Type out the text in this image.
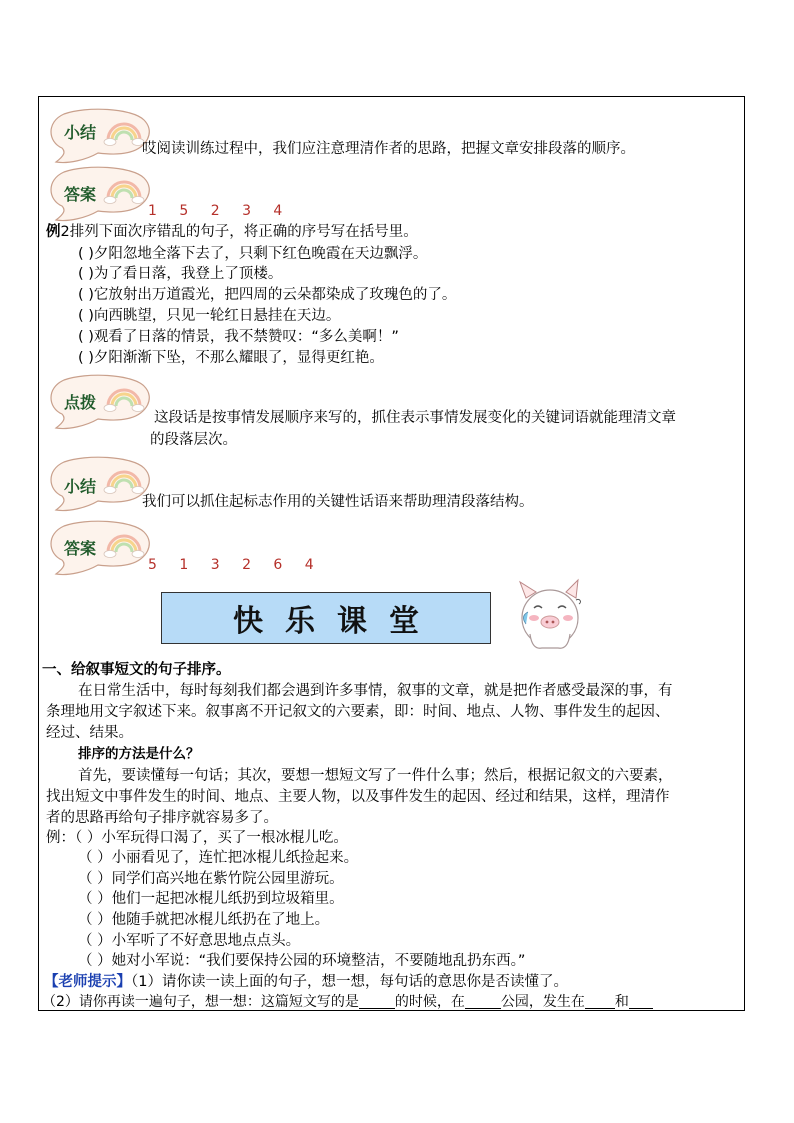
小结
哎阅读训练过程中，我们应注意理清作者的思路，把握文章安排段落的顺序。
答案
1 5 2 3 4
例2排列下面次序错乱的句子，将正确的序号写在括号里。
( )夕阳忽地全落下去了，只剩下红色晚霞在天边飘浮。
( )为了看日落，我登上了顶楼。
( )它放射出万道霞光，把四周的云朵都染成了玫瑰色的了。
( )向西眺望，只见一轮红日悬挂在天边。
( )观看了日落的情景，我不禁赞叹：“多么美啊！”
( )夕阳渐渐下坠，不那么耀眼了，显得更红艳。
点拨
这段话是按事情发展顺序来写的，抓住表示事情发展变化的关键词语就能理清文章
的段落层次。
小结
我们可以抓住起标志作用的关键性话语来帮助理清段落结构。
答案
5 1 3 2 6 4
快乐课堂
一、给叙事短文的句子排序。
在日常生活中，每时每刻我们都会遇到许多事情，叙事的文章，就是把作者感受最深的事，有
条理地用文字叙述下来。叙事离不开记叙文的六要素，即：时间、地点、人物、事件发生的起因、
经过、结果。
排序的方法是什么？
首先，要读懂每一句话；其次，要想一想短文写了一件什么事；然后，根据记叙文的六要素，
找出短文中事件发生的时间、地点、主要人物，以及事件发生的起因、经过和结果，这样，理清作
者的思路再给句子排序就容易多了。
例：（ ）小军玩得口渴了，买了一根冰棍儿吃。
（ ）小丽看见了，连忙把冰棍儿纸捡起来。
（ ）同学们高兴地在紫竹院公园里游玩。
（ ）他们一起把冰棍儿纸扔到垃圾箱里。
（ ）他随手就把冰棍儿纸扔在了地上。
（ ）小军听了不好意思地点点头。
（ ）她对小军说：“我们要保持公园的环境整洁，不要随地乱扔东西。”
【老师提示】（1）请你读一读上面的句子，想一想，每句话的意思你是否读懂了。
（2）请你再读一遍句子，想一想：这篇短文写的是	的时候，在	公园，发生在 和
